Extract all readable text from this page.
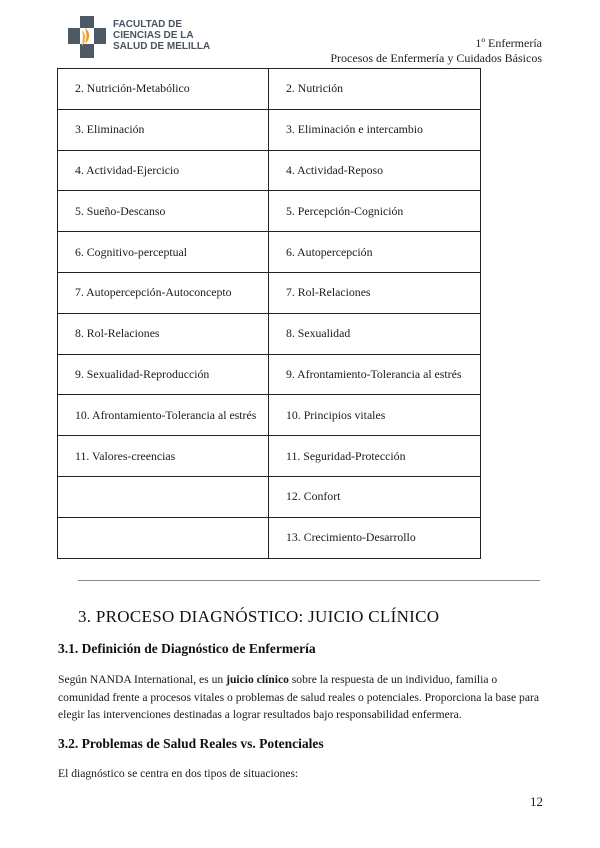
FACULTAD DE
CIENCIAS DE LA
SALUD DE MELILLA	1º Enfermería
Procesos de Enfermería y Cuidados Básicos
2. Nutrición-Metabólico	2. Nutrición
3. Eliminación	3. Eliminación e intercambio
4. Actividad-Ejercicio	4. Actividad-Reposo
5. Sueño-Descanso	5. Percepción-Cognición
6. Cognitivo-perceptual	6. Autopercepción
7. Autopercepción-Autoconcepto	7. Rol-Relaciones
8. Rol-Relaciones	8. Sexualidad
9. Sexualidad-Reproducción	9. Afrontamiento-Tolerancia al estrés
10. Afrontamiento-Tolerancia al estrés	10. Principios vitales
11. Valores-creencias	11. Seguridad-Protección
	12. Confort
	13. Crecimiento-Desarrollo
3. PROCESO DIAGNÓSTICO: JUICIO CLÍNICO
3.1. Definición de Diagnóstico de Enfermería

Según NANDA International, es un juicio clínico sobre la respuesta de un individuo, familia o comunidad frente a procesos vitales o problemas de salud reales o potenciales. Proporciona la base para elegir las intervenciones destinadas a lograr resultados bajo responsabilidad enfermera.

3.2. Problemas de Salud Reales vs. Potenciales

El diagnóstico se centra en dos tipos de situaciones:

12
